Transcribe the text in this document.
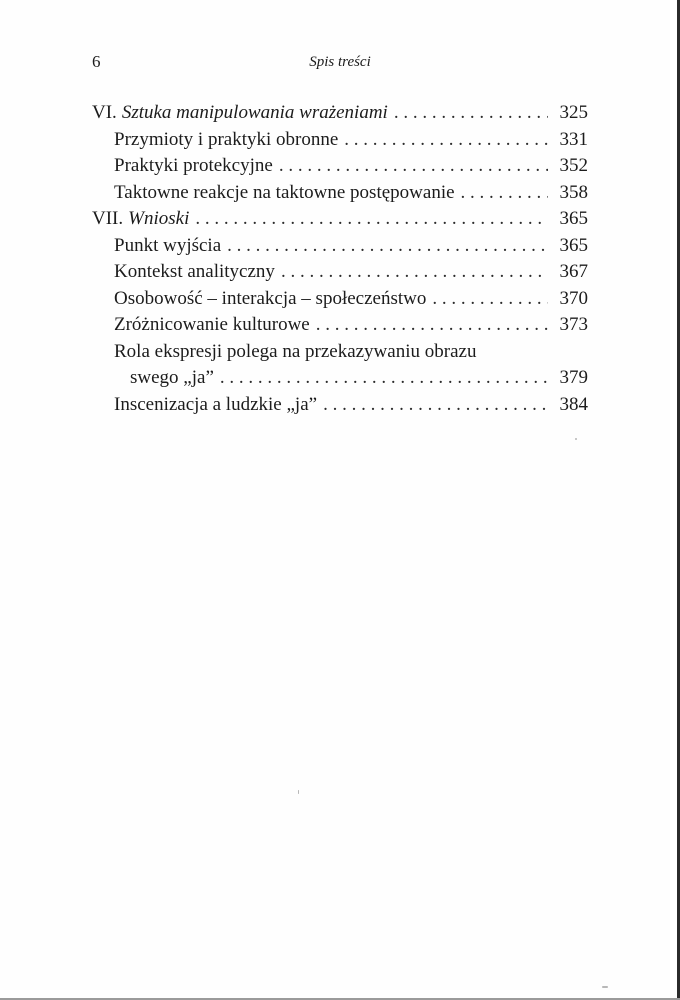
6	Spis treści
VI. Sztuka manipulowania wrażeniami . . .	325
Przymioty i praktyki obronne . . .	331
Praktyki protekcyjne . . .	352
Taktowne reakcje na taktowne postępowanie . . .	358
VII. Wnioski . . .	365
Punkt wyjścia . . .	365
Kontekst analityczny . . .	367
Osobowość – interakcja – społeczeństwo . . .	370
Zróżnicowanie kulturowe . . .	373
Rola ekspresji polega na przekazywaniu obrazu
swego „ja” . . .	379
Inscenizacja a ludzkie „ja” . . .	384
